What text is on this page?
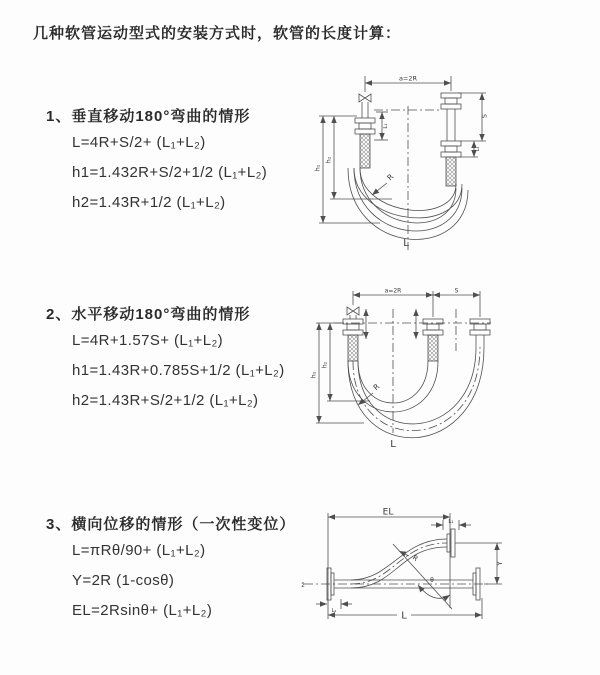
几种软管运动型式的安装方式时，软管的长度计算：
1、垂直移动180°弯曲的情形
L=4R+S/2+ (L₁+L₂)
h1=1.432R+S/2+1/2 (L₁+L₂)
h2=1.43R+1/2 (L₁+L₂)
a=2R
h₁
h₂
L₁
S
L₂
R
L
2、水平移动180°弯曲的情形
L=4R+1.57S+ (L₁+L₂)
h1=1.43R+0.785S+1/2 (L₁+L₂)
h2=1.43R+S/2+1/2 (L₁+L₂)
a=2R	S
h₁
h₂
R
L
3、横向位移的情形（一次性变位）
L=πRθ/90+ (L₁+L₂)
Y=2R (1-cosθ)
EL=2Rsinθ+ (L₁+L₂)
EL
L₁
Y
R
θ
L
L₂
z̄
